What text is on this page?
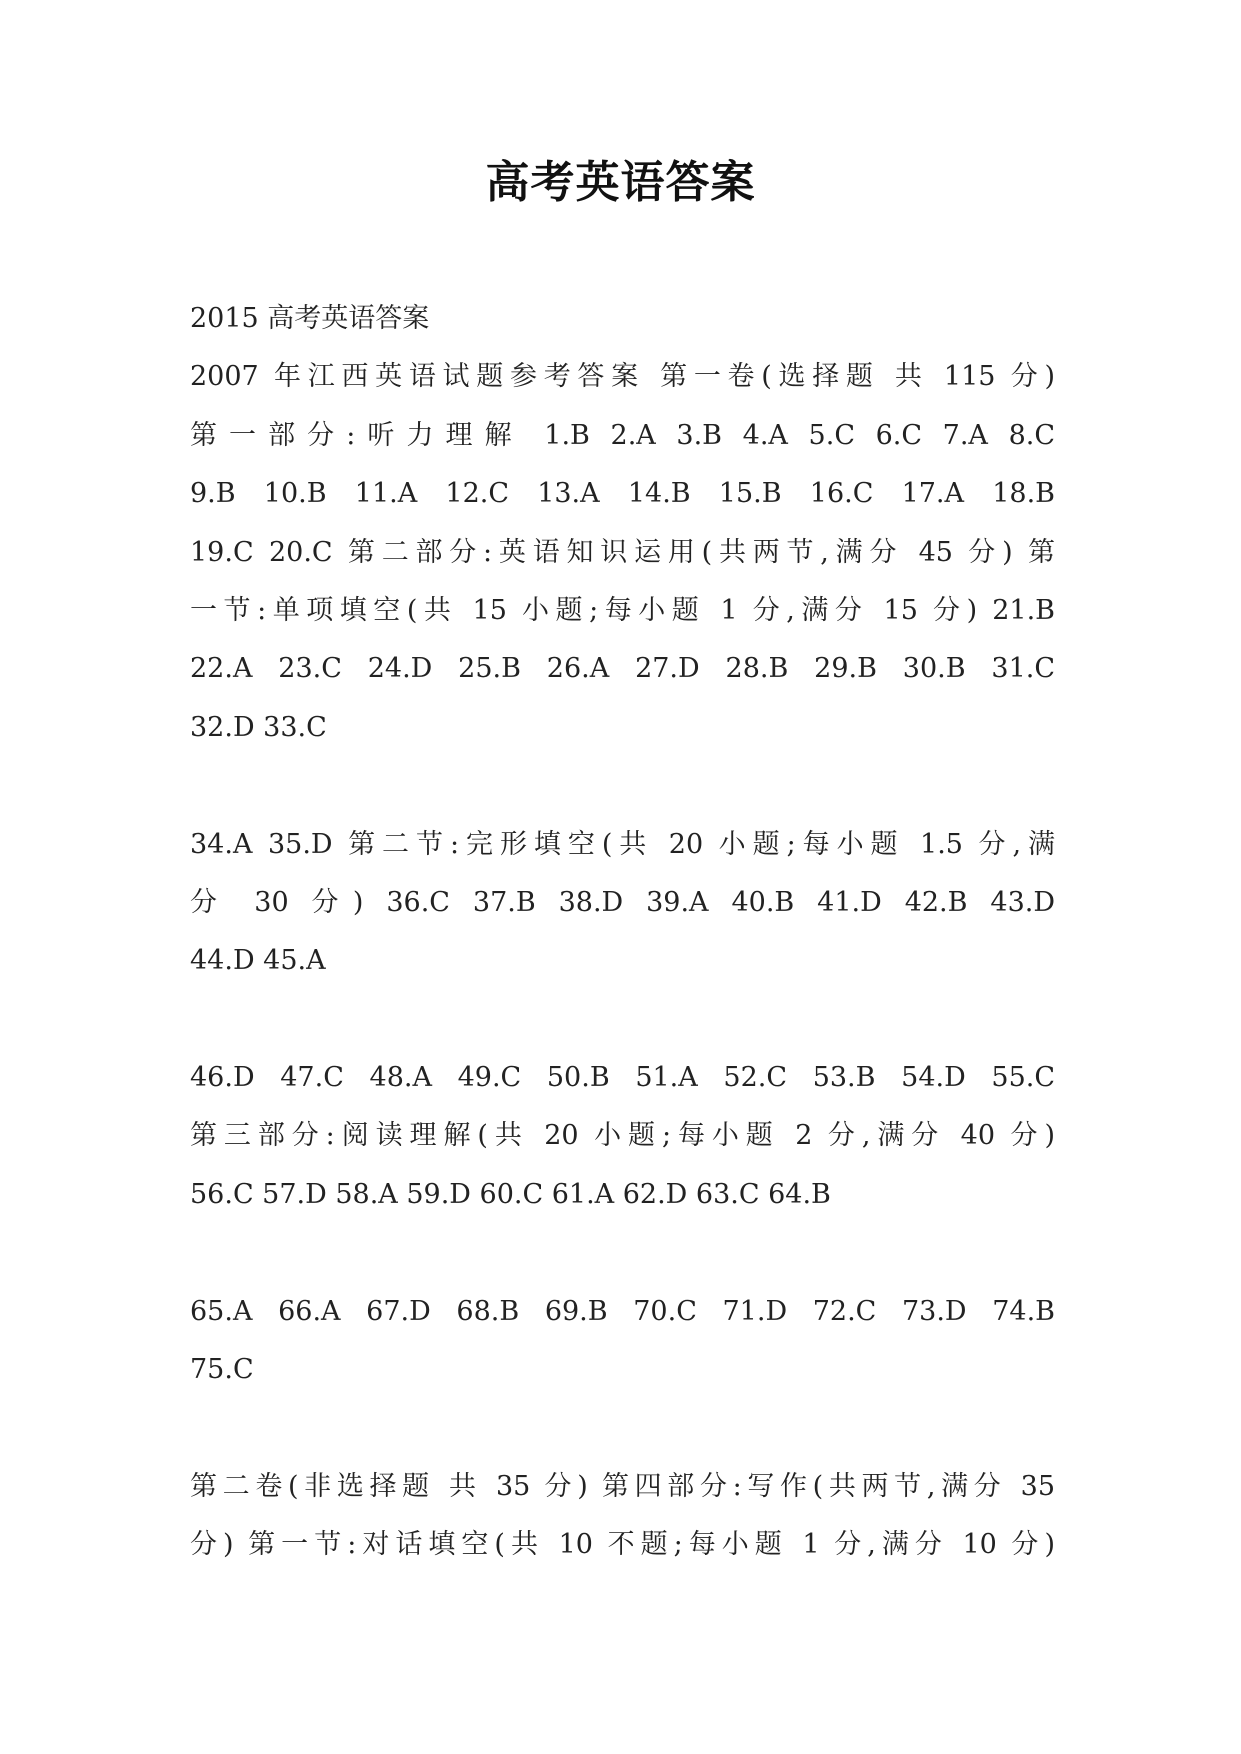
高考英语答案
2015 高考英语答案
2007 年江西英语试题参考答案 第一卷(选择题 共 115 分)
第一部分:听力理解 1.B 2.A 3.B 4.A 5.C 6.C 7.A 8.C
9.B 10.B 11.A 12.C 13.A 14.B 15.B 16.C 17.A 18.B
19.C 20.C 第二部分:英语知识运用(共两节,满分 45 分) 第
一节:单项填空(共 15 小题;每小题 1 分,满分 15 分) 21.B
22.A 23.C 24.D 25.B 26.A 27.D 28.B 29.B 30.B 31.C
32.D 33.C
34.A 35.D 第二节:完形填空(共 20 小题;每小题 1.5 分,满
分 30 分) 36.C 37.B 38.D 39.A 40.B 41.D 42.B 43.D
44.D 45.A
46.D 47.C 48.A 49.C 50.B 51.A 52.C 53.B 54.D 55.C
第三部分:阅读理解(共 20 小题;每小题 2 分,满分 40 分)
56.C 57.D 58.A 59.D 60.C 61.A 62.D 63.C 64.B
65.A 66.A 67.D 68.B 69.B 70.C 71.D 72.C 73.D 74.B
75.C
第二卷(非选择题 共 35 分) 第四部分:写作(共两节,满分 35
分) 第一节:对话填空(共 10 不题;每小题 1 分,满分 10 分)
